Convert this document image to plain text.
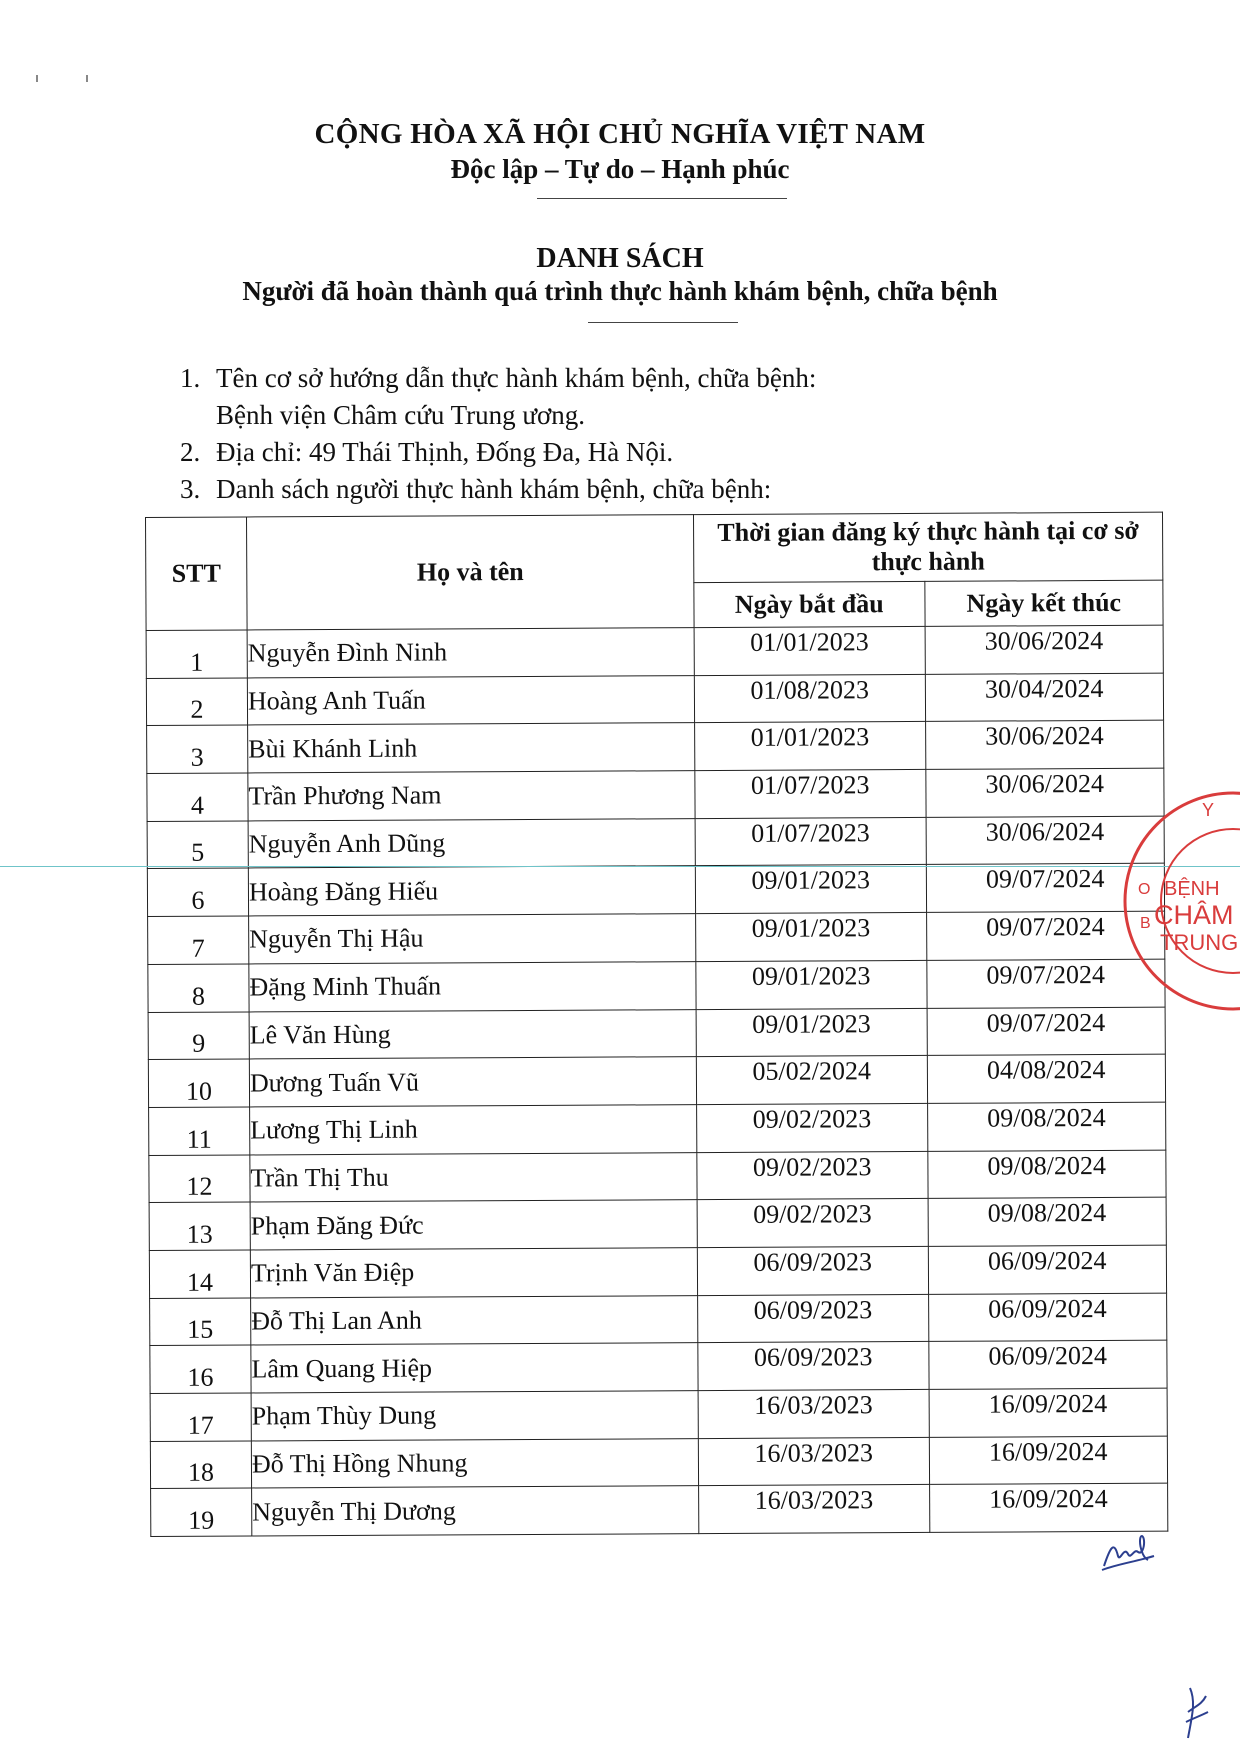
CỘNG HÒA XÃ HỘI CHỦ NGHĨA VIỆT NAM
Độc lập – Tự do – Hạnh phúc
DANH SÁCH
Người đã hoàn thành quá trình thực hành khám bệnh, chữa bệnh
1. Tên cơ sở hướng dẫn thực hành khám bệnh, chữa bệnh:
Bệnh viện Châm cứu Trung ương.
2. Địa chỉ: 49 Thái Thịnh, Đống Đa, Hà Nội.
3. Danh sách người thực hành khám bệnh, chữa bệnh:
STT	Họ và tên	Thời gian đăng ký thực hành tại cơ sở thực hành	
		Ngày bắt đầu	Ngày kết thúc
1	Nguyễn Đình Ninh	01/01/2023	30/06/2024
2	Hoàng Anh Tuấn	01/08/2023	30/04/2024
3	Bùi Khánh Linh	01/01/2023	30/06/2024
4	Trần Phương Nam	01/07/2023	30/06/2024
5	Nguyễn Anh Dũng	01/07/2023	30/06/2024
6	Hoàng Đăng Hiếu	09/01/2023	09/07/2024
7	Nguyễn Thị Hậu	09/01/2023	09/07/2024
8	Đặng Minh Thuấn	09/01/2023	09/07/2024
9	Lê Văn Hùng	09/01/2023	09/07/2024
10	Dương Tuấn Vũ	05/02/2024	04/08/2024
11	Lương Thị Linh	09/02/2023	09/08/2024
12	Trần Thị Thu	09/02/2023	09/08/2024
13	Phạm Đăng Đức	09/02/2023	09/08/2024
14	Trịnh Văn Điệp	06/09/2023	06/09/2024
15	Đỗ Thị Lan Anh	06/09/2023	06/09/2024
16	Lâm Quang Hiệp	06/09/2023	06/09/2024
17	Phạm Thùy Dung	16/03/2023	16/09/2024
18	Đỗ Thị Hồng Nhung	16/03/2023	16/09/2024
19	Nguyễn Thị Dương	16/03/2023	16/09/2024
BỆNH
CHÂM
TRUNG
Y
O
B
